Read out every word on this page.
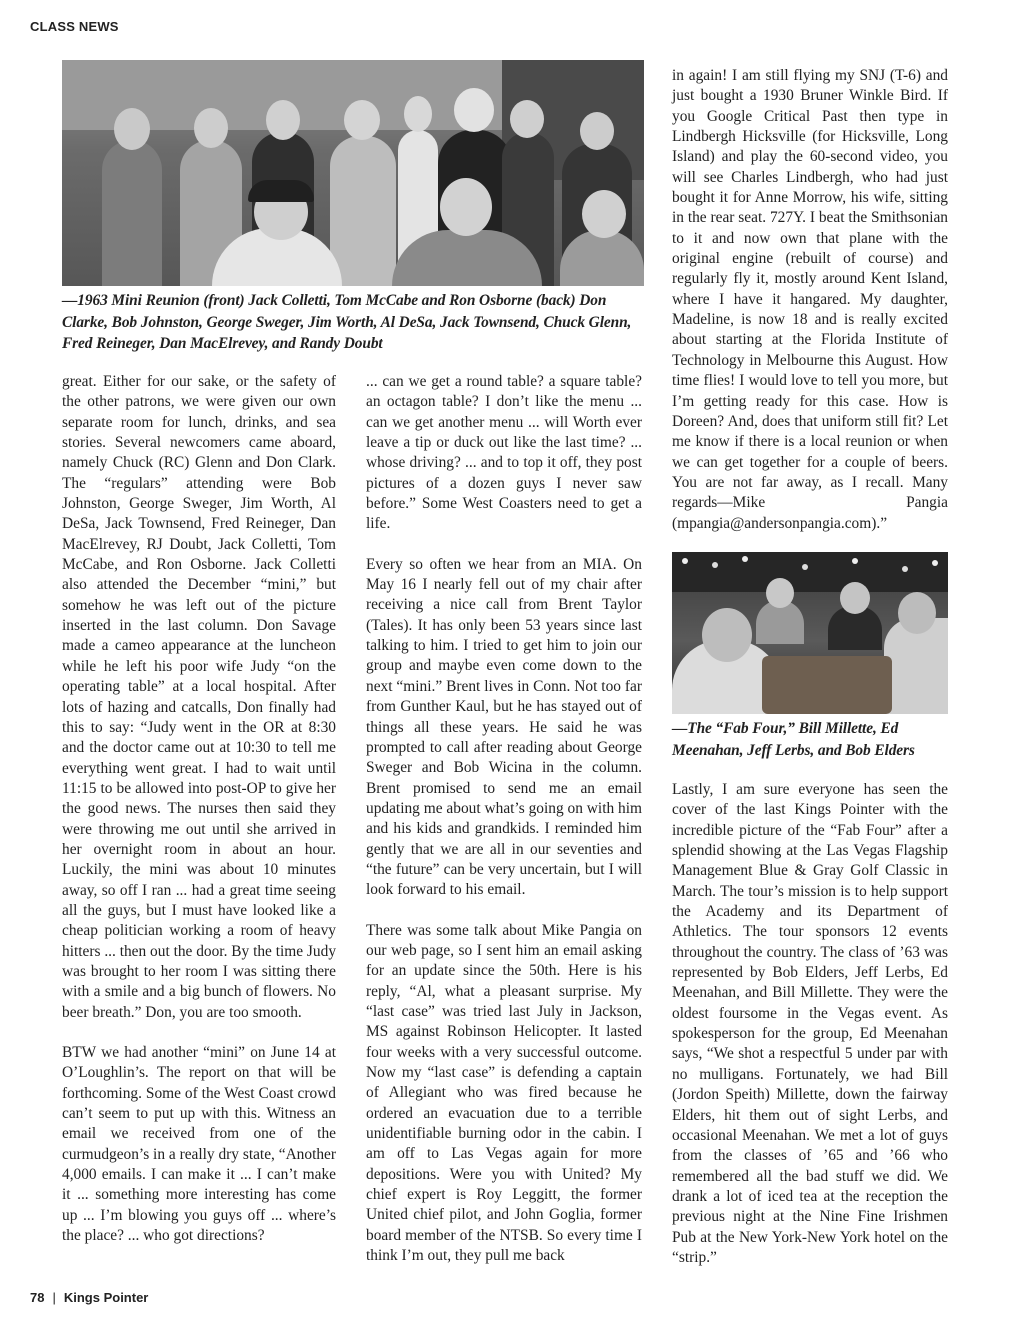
CLASS NEWS
—1963 Mini Reunion (front) Jack Colletti, Tom McCabe and Ron Osborne (back) Don Clarke, Bob Johnston, George Sweger, Jim Worth, Al DeSa, Jack Townsend, Chuck Glenn, Fred Reineger, Dan MacElrevey, and Randy Doubt

great. Either for our sake, or the safety of the other patrons, we were given our own separate room for lunch, drinks, and sea stories. Several newcomers came aboard, namely Chuck (RC) Glenn and Don Clark. The “regulars” attending were Bob Johnston, George Sweger, Jim Worth, Al DeSa, Jack Townsend, Fred Reineger, Dan MacElrevey, RJ Doubt, Jack Colletti, Tom McCabe, and Ron Osborne. Jack Colletti also attended the December “mini,” but somehow he was left out of the picture inserted in the last column. Don Savage made a cameo appearance at the luncheon while he left his poor wife Judy “on the operating table” at a local hospital. After lots of hazing and catcalls, Don finally had this to say: “Judy went in the OR at 8:30 and the doctor came out at 10:30 to tell me everything went great. I had to wait until 11:15 to be allowed into post-OP to give her the good news. The nurses then said they were throwing me out until she arrived in her overnight room in about an hour. Luckily, the mini was about 10 minutes away, so off I ran ... had a great time seeing all the guys, but I must have looked like a cheap politician working a room of heavy hitters ... then out the door. By the time Judy was brought to her room I was sitting there with a smile and a big bunch of flowers. No beer breath.” Don, you are too smooth.

BTW we had another “mini” on June 14 at O’Loughlin’s. The report on that will be forthcoming. Some of the West Coast crowd can’t seem to put up with this. Witness an email we received from one of the curmudgeon’s in a really dry state, “Another 4,000 emails. I can make it ... I can’t make it ... something more interesting has come up ... I’m blowing you guys off ... where’s the place? ... who got directions?

... can we get a round table? a square table? an octagon table? I don’t like the menu ... can we get another menu ... will Worth ever leave a tip or duck out like the last time? ... whose driving? ... and to top it off, they post pictures of a dozen guys I never saw before.” Some West Coasters need to get a life.

Every so often we hear from an MIA. On May 16 I nearly fell out of my chair after receiving a nice call from Brent Taylor (Tales). It has only been 53 years since last talking to him. I tried to get him to join our group and maybe even come down to the next “mini.” Brent lives in Conn. Not too far from Gunther Kaul, but he has stayed out of things all these years. He said he was prompted to call after reading about George Sweger and Bob Wicina in the column. Brent promised to send me an email updating me about what’s going on with him and his kids and grandkids. I reminded him gently that we are all in our seventies and “the future” can be very uncertain, but I will look forward to his email.

There was some talk about Mike Pangia on our web page, so I sent him an email asking for an update since the 50th. Here is his reply, “Al, what a pleasant surprise. My “last case” was tried last July in Jackson, MS against Robinson Helicopter. It lasted four weeks with a very successful outcome. Now my “last case” is defending a captain of Allegiant who was fired because he ordered an evacuation due to a terrible unidentifiable burning odor in the cabin. I am off to Las Vegas again for more depositions. Were you with United? My chief expert is Roy Leggitt, the former United chief pilot, and John Goglia, former board member of the NTSB. So every time I think I’m out, they pull me back

in again! I am still flying my SNJ (T-6) and just bought a 1930 Bruner Winkle Bird. If you Google Critical Past then type in Lindbergh Hicksville (for Hicksville, Long Island) and play the 60-second video, you will see Charles Lindbergh, who had just bought it for Anne Morrow, his wife, sitting in the rear seat. 727Y. I beat the Smithsonian to it and now own that plane with the original engine (rebuilt of course) and regularly fly it, mostly around Kent Island, where I have it hangared. My daughter, Madeline, is now 18 and is really excited about starting at the Florida Institute of Technology in Melbourne this August. How time flies! I would love to tell you more, but I’m getting ready for this case. How is Doreen? And, does that uniform still fit? Let me know if there is a local reunion or when we can get together for a couple of beers. You are not far away, as I recall. Many regards—Mike Pangia (mpangia@andersonpangia.com).”

—The “Fab Four,” Bill Millette, Ed Meenahan, Jeff Lerbs, and Bob Elders

Lastly, I am sure everyone has seen the cover of the last Kings Pointer with the incredible picture of the “Fab Four” after a splendid showing at the Las Vegas Flagship Management Blue & Gray Golf Classic in March. The tour’s mission is to help support the Academy and its Department of Athletics. The tour sponsors 12 events throughout the country. The class of ’63 was represented by Bob Elders, Jeff Lerbs, Ed Meenahan, and Bill Millette. They were the oldest foursome in the Vegas event. As spokesperson for the group, Ed Meenahan says, “We shot a respectful 5 under par with no mulligans. Fortunately, we had Bill (Jordon Speith) Millette, down the fairway Elders, hit them out of sight Lerbs, and occasional Meenahan. We met a lot of guys from the classes of ’65 and ’66 who remembered all the bad stuff we did. We drank a lot of iced tea at the reception the previous night at the Nine Fine Irishmen Pub at the New York-New York hotel on the “strip.”

78 | Kings Pointer
